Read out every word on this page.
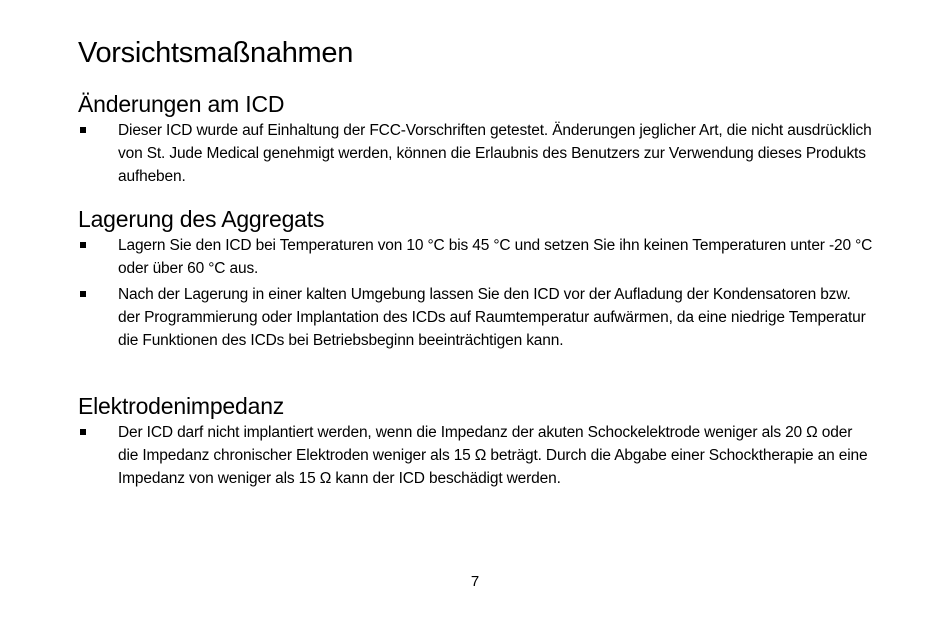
Vorsichtsmaßnahmen
Änderungen am ICD
Dieser ICD wurde auf Einhaltung der FCC-Vorschriften getestet. Änderungen jeglicher Art, die nicht ausdrücklich von St. Jude Medical genehmigt werden, können die Erlaubnis des Benutzers zur Verwendung dieses Produkts aufheben.
Lagerung des Aggregats
Lagern Sie den ICD bei Temperaturen von 10 °C bis 45 °C und setzen Sie ihn keinen Temperaturen unter -20 °C oder über 60 °C aus.
Nach der Lagerung in einer kalten Umgebung lassen Sie den ICD vor der Aufladung der Kondensatoren bzw. der Programmierung oder Implantation des ICDs auf Raumtemperatur aufwärmen, da eine niedrige Temperatur die Funktionen des ICDs bei Betriebsbeginn beeinträchtigen kann.
Elektrodenimpedanz
Der ICD darf nicht implantiert werden, wenn die Impedanz der akuten Schockelektrode weniger als 20 Ω oder die Impedanz chronischer Elektroden weniger als 15 Ω beträgt. Durch die Abgabe einer Schocktherapie an eine Impedanz von weniger als 15 Ω kann der ICD beschädigt werden.
7
